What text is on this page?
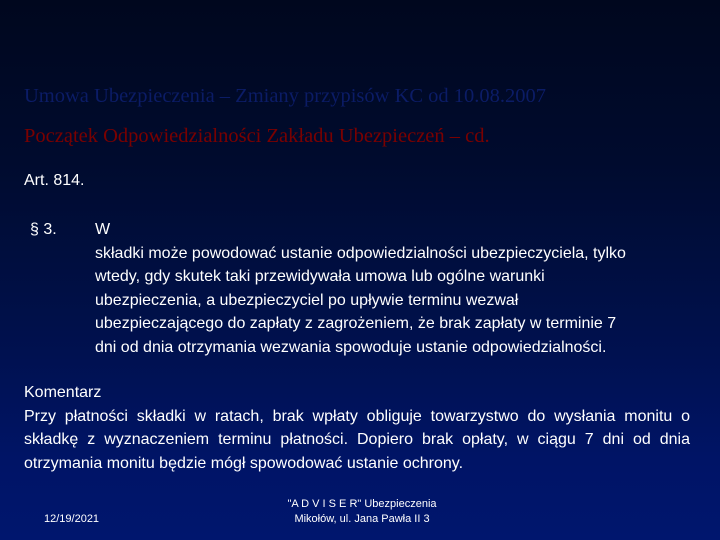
Umowa Ubezpieczenia – Zmiany przypisów KC od 10.08.2007
Początek Odpowiedzialności Zakładu Ubezpieczeń – cd.
Art. 814.
§ 3. W
składki może powodować ustanie odpowiedzialności ubezpieczyciela, tylko
wtedy, gdy skutek taki przewidywała umowa lub ogólne warunki
ubezpieczenia, a ubezpieczyciel po upływie terminu wezwał
ubezpieczającego do zapłaty z zagrożeniem, że brak zapłaty w terminie 7
dni od dnia otrzymania wezwania spowoduje ustanie odpowiedzialności.
Komentarz
Przy płatności składki w ratach, brak wpłaty obliguje towarzystwo do wysłania monitu o składkę z wyznaczeniem terminu płatności. Dopiero brak opłaty, w ciągu 7 dni od dnia otrzymania monitu będzie mógł spowodować ustanie ochrony.
12/19/2021
"A D V I S E R" Ubezpieczenia
Mikołów, ul. Jana Pawła II 3
